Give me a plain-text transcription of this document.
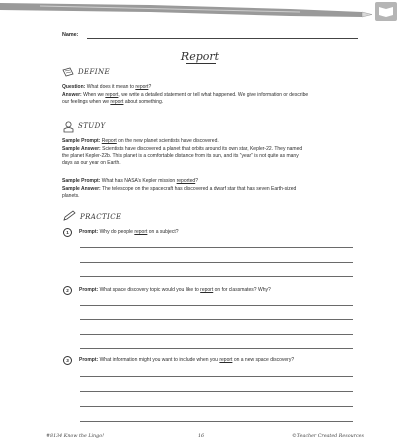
Name:
Report
DEFINE
Question: What does it mean to report?
Answer: When we report, we write a detailed statement or tell what happened. We give information or describe
our feelings when we report about something.
STUDY
Sample Prompt: Report on the new planet scientists have discovered.
Sample Answer: Scientists have discovered a planet that orbits around its own star, Kepler-22. They named
the planet Kepler-22b. This planet is a comfortable distance from its sun, and its “year” is not quite as many
days as our year on Earth.
Sample Prompt: What has NASA’s Kepler mission reported?
Sample Answer: The telescope on the spacecraft has discovered a dwarf star that has seven Earth-sized
planets.
PRACTICE
1	Prompt: Why do people report on a subject?
2	Prompt: What space discovery topic would you like to report on for classmates? Why?
3	Prompt: What information might you want to include when you report on a new space discovery?
#8134 Know the Lingo!	16	©Teacher Created Resources
